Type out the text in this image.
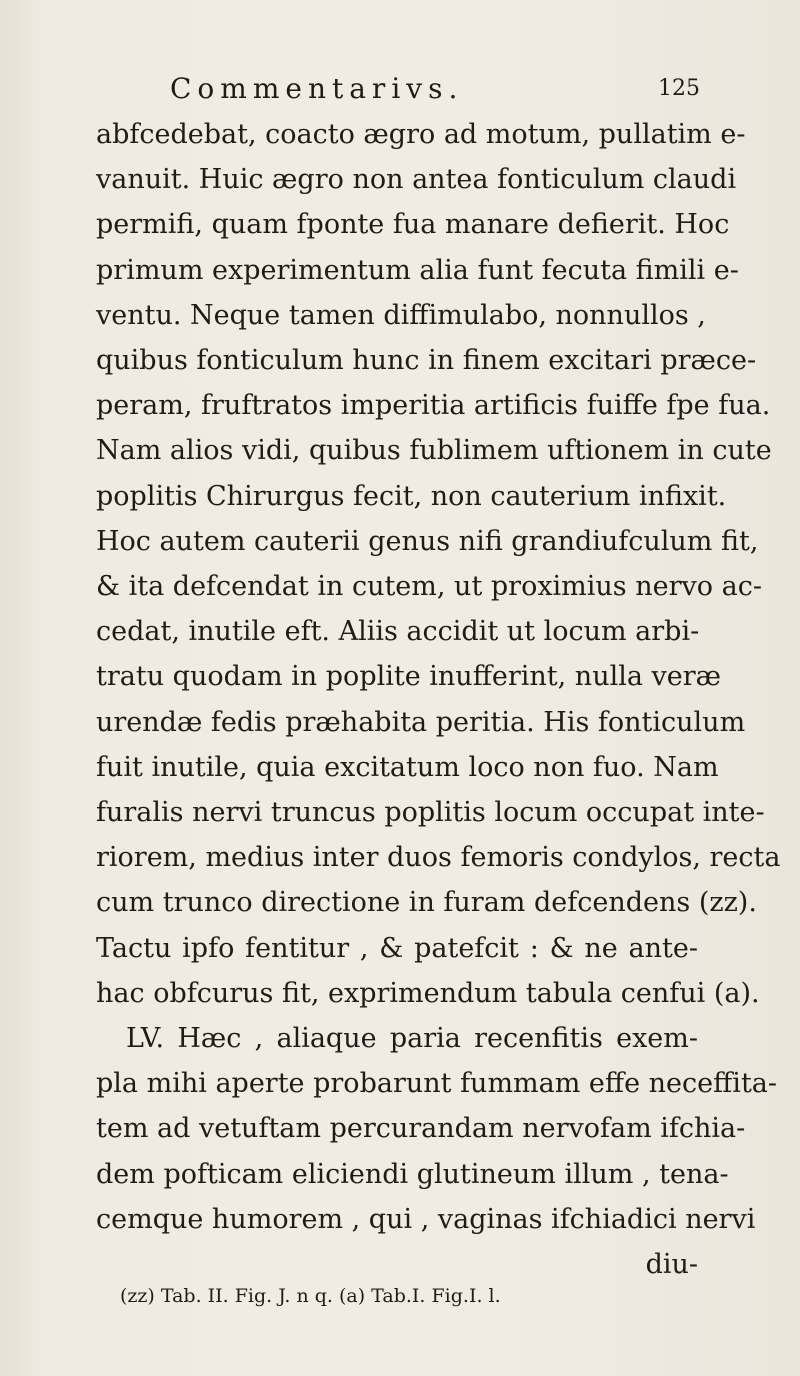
Commentarivs.	125
abfcedebat, coacto ægro ad motum, pullatim e-
vanuit. Huic ægro non antea fonticulum claudi
permifi, quam fponte fua manare defierit. Hoc
primum experimentum alia funt fecuta fimili e-
ventu. Neque tamen diffimulabo, nonnullos ,
quibus fonticulum hunc in finem excitari præce-
peram, fruftratos imperitia artificis fuiffe fpe fua.
Nam alios vidi, quibus fublimem uftionem in cute
poplitis Chirurgus fecit, non cauterium infixit.
Hoc autem cauterii genus nifi grandiufculum fit,
& ita defcendat in cutem, ut proximius nervo ac-
cedat, inutile eft. Aliis accidit ut locum arbi-
tratu quodam in poplite inufferint, nulla veræ
urendæ fedis præhabita peritia. His fonticulum
fuit inutile, quia excitatum loco non fuo. Nam
furalis nervi truncus poplitis locum occupat inte-
riorem, medius inter duos femoris condylos, recta
cum trunco directione in furam defcendens (zz).
Tactu ipfo fentitur , & patefcit : & ne ante-
hac obfcurus fit, exprimendum tabula cenfui (a).
LV. Hæc , aliaque paria recenfitis exem-
pla mihi aperte probarunt fummam effe neceffita-
tem ad vetuftam percurandam nervofam ifchia-
dem pofticam eliciendi glutineum illum , tena-
cemque humorem , qui , vaginas ifchiadici nervi
diu-
(zz) Tab. II. Fig. J. n q. (a) Tab.I. Fig.I. l.
